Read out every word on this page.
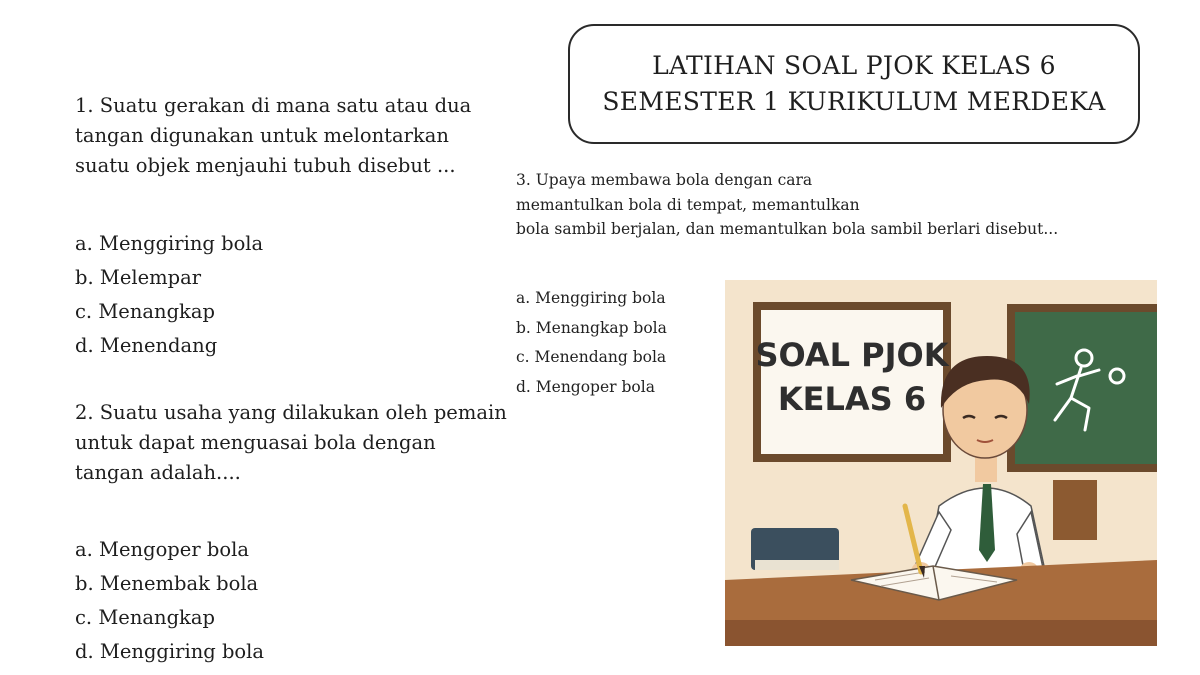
LATIHAN SOAL PJOK KELAS 6
SEMESTER 1 KURIKULUM MERDEKA
1. Suatu gerakan di mana satu atau dua
tangan digunakan untuk melontarkan
suatu objek menjauhi tubuh disebut ...
a. Menggiring bola
b. Melempar
c. Menangkap
d. Menendang
2. Suatu usaha yang dilakukan oleh pemain
untuk dapat menguasai bola dengan
tangan adalah....
a. Mengoper bola
b. Menembak bola
c. Menangkap
d. Menggiring bola
3. Upaya membawa bola dengan cara
memantulkan bola di tempat, memantulkan
bola sambil berjalan, dan memantulkan bola sambil berlari disebut...
a. Menggiring bola
b. Menangkap bola
c. Menendang bola
d. Mengoper bola
SOAL PJOK
KELAS 6
